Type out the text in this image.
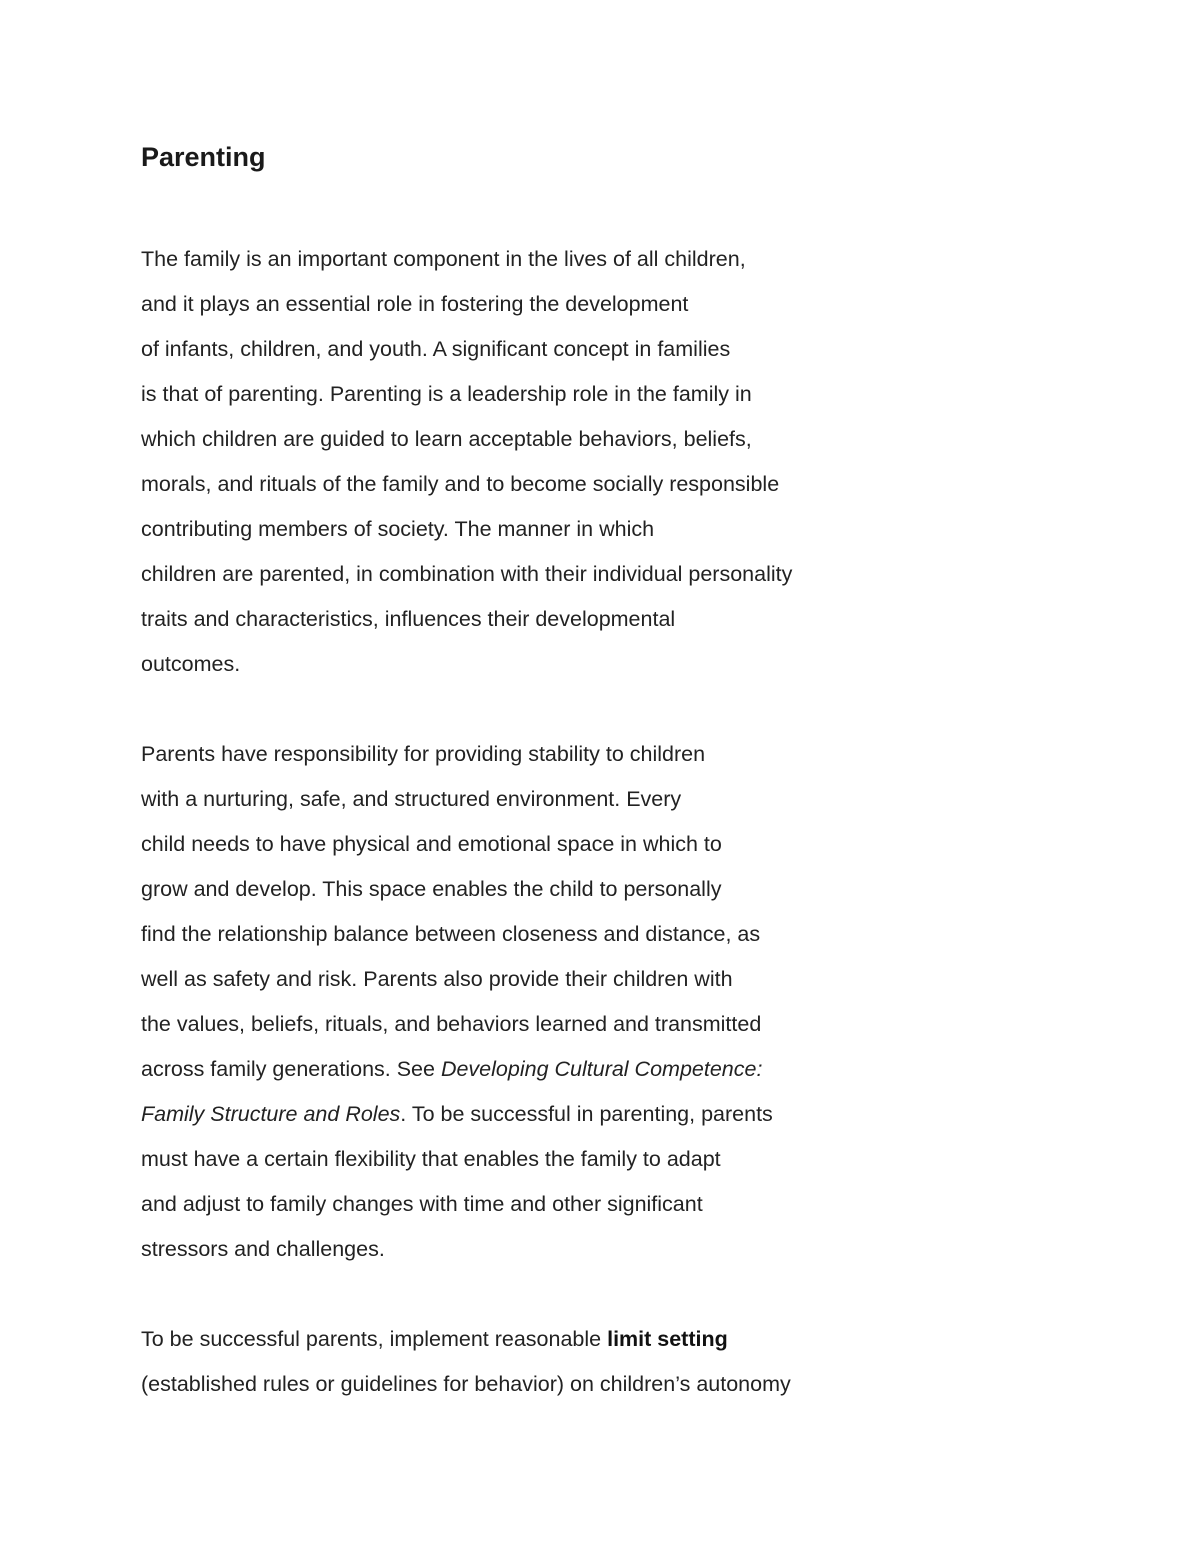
Parenting
The family is an important component in the lives of all children,
and it plays an essential role in fostering the development
of infants, children, and youth. A significant concept in families
is that of parenting. Parenting is a leadership role in the family in
which children are guided to learn acceptable behaviors, beliefs,
morals, and rituals of the family and to become socially responsible
contributing members of society. The manner in which
children are parented, in combination with their individual personality
traits and characteristics, influences their developmental
outcomes.
Parents have responsibility for providing stability to children
with a nurturing, safe, and structured environment. Every
child needs to have physical and emotional space in which to
grow and develop. This space enables the child to personally
find the relationship balance between closeness and distance, as
well as safety and risk. Parents also provide their children with
the values, beliefs, rituals, and behaviors learned and transmitted
across family generations. See Developing Cultural Competence:
Family Structure and Roles. To be successful in parenting, parents
must have a certain flexibility that enables the family to adapt
and adjust to family changes with time and other significant
stressors and challenges.
To be successful parents, implement reasonable limit setting
(established rules or guidelines for behavior) on children’s autonomy
